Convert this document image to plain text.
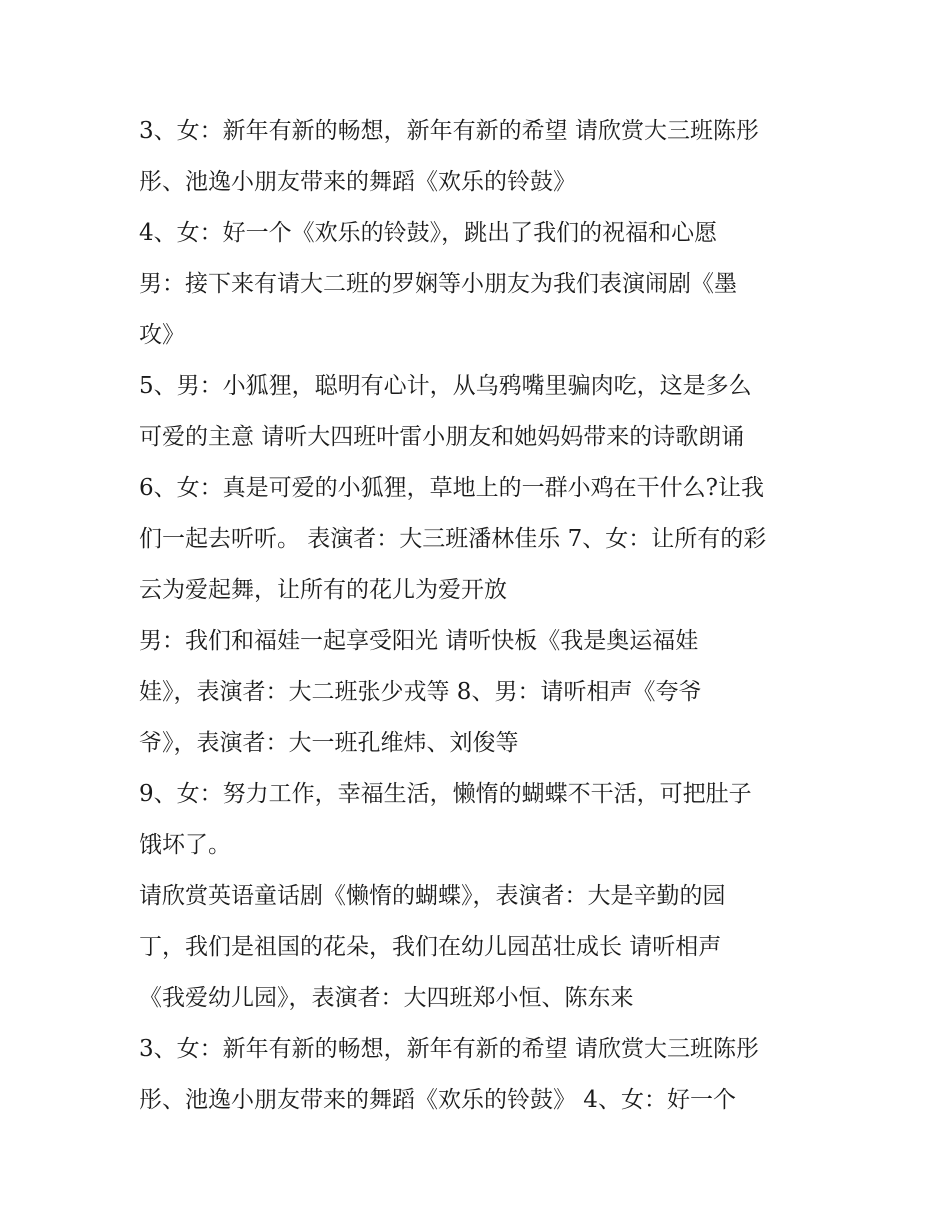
3、女：新年有新的畅想，新年有新的希望 请欣赏大三班陈彤
彤、池逸小朋友带来的舞蹈《欢乐的铃鼓》
4、女：好一个《欢乐的铃鼓》，跳出了我们的祝福和心愿
男：接下来有请大二班的罗娴等小朋友为我们表演闹剧《墨
攻》
5、男：小狐狸，聪明有心计，从乌鸦嘴里骗肉吃，这是多么
可爱的主意 请听大四班叶雷小朋友和她妈妈带来的诗歌朗诵
6、女：真是可爱的小狐狸，草地上的一群小鸡在干什么?让我
们一起去听听。 表演者：大三班潘林佳乐 7、女：让所有的彩
云为爱起舞，让所有的花儿为爱开放
男：我们和福娃一起享受阳光 请听快板《我是奥运福娃
娃》，表演者：大二班张少戎等 8、男：请听相声《夸爷
爷》，表演者：大一班孔维炜、刘俊等
9、女：努力工作，幸福生活，懒惰的蝴蝶不干活，可把肚子
饿坏了。
请欣赏英语童话剧《懒惰的蝴蝶》，表演者：大是辛勤的园
丁，我们是祖国的花朵，我们在幼儿园茁壮成长 请听相声
《我爱幼儿园》，表演者：大四班郑小恒、陈东来
3、女：新年有新的畅想，新年有新的希望 请欣赏大三班陈彤
彤、池逸小朋友带来的舞蹈《欢乐的铃鼓》 4、女：好一个
